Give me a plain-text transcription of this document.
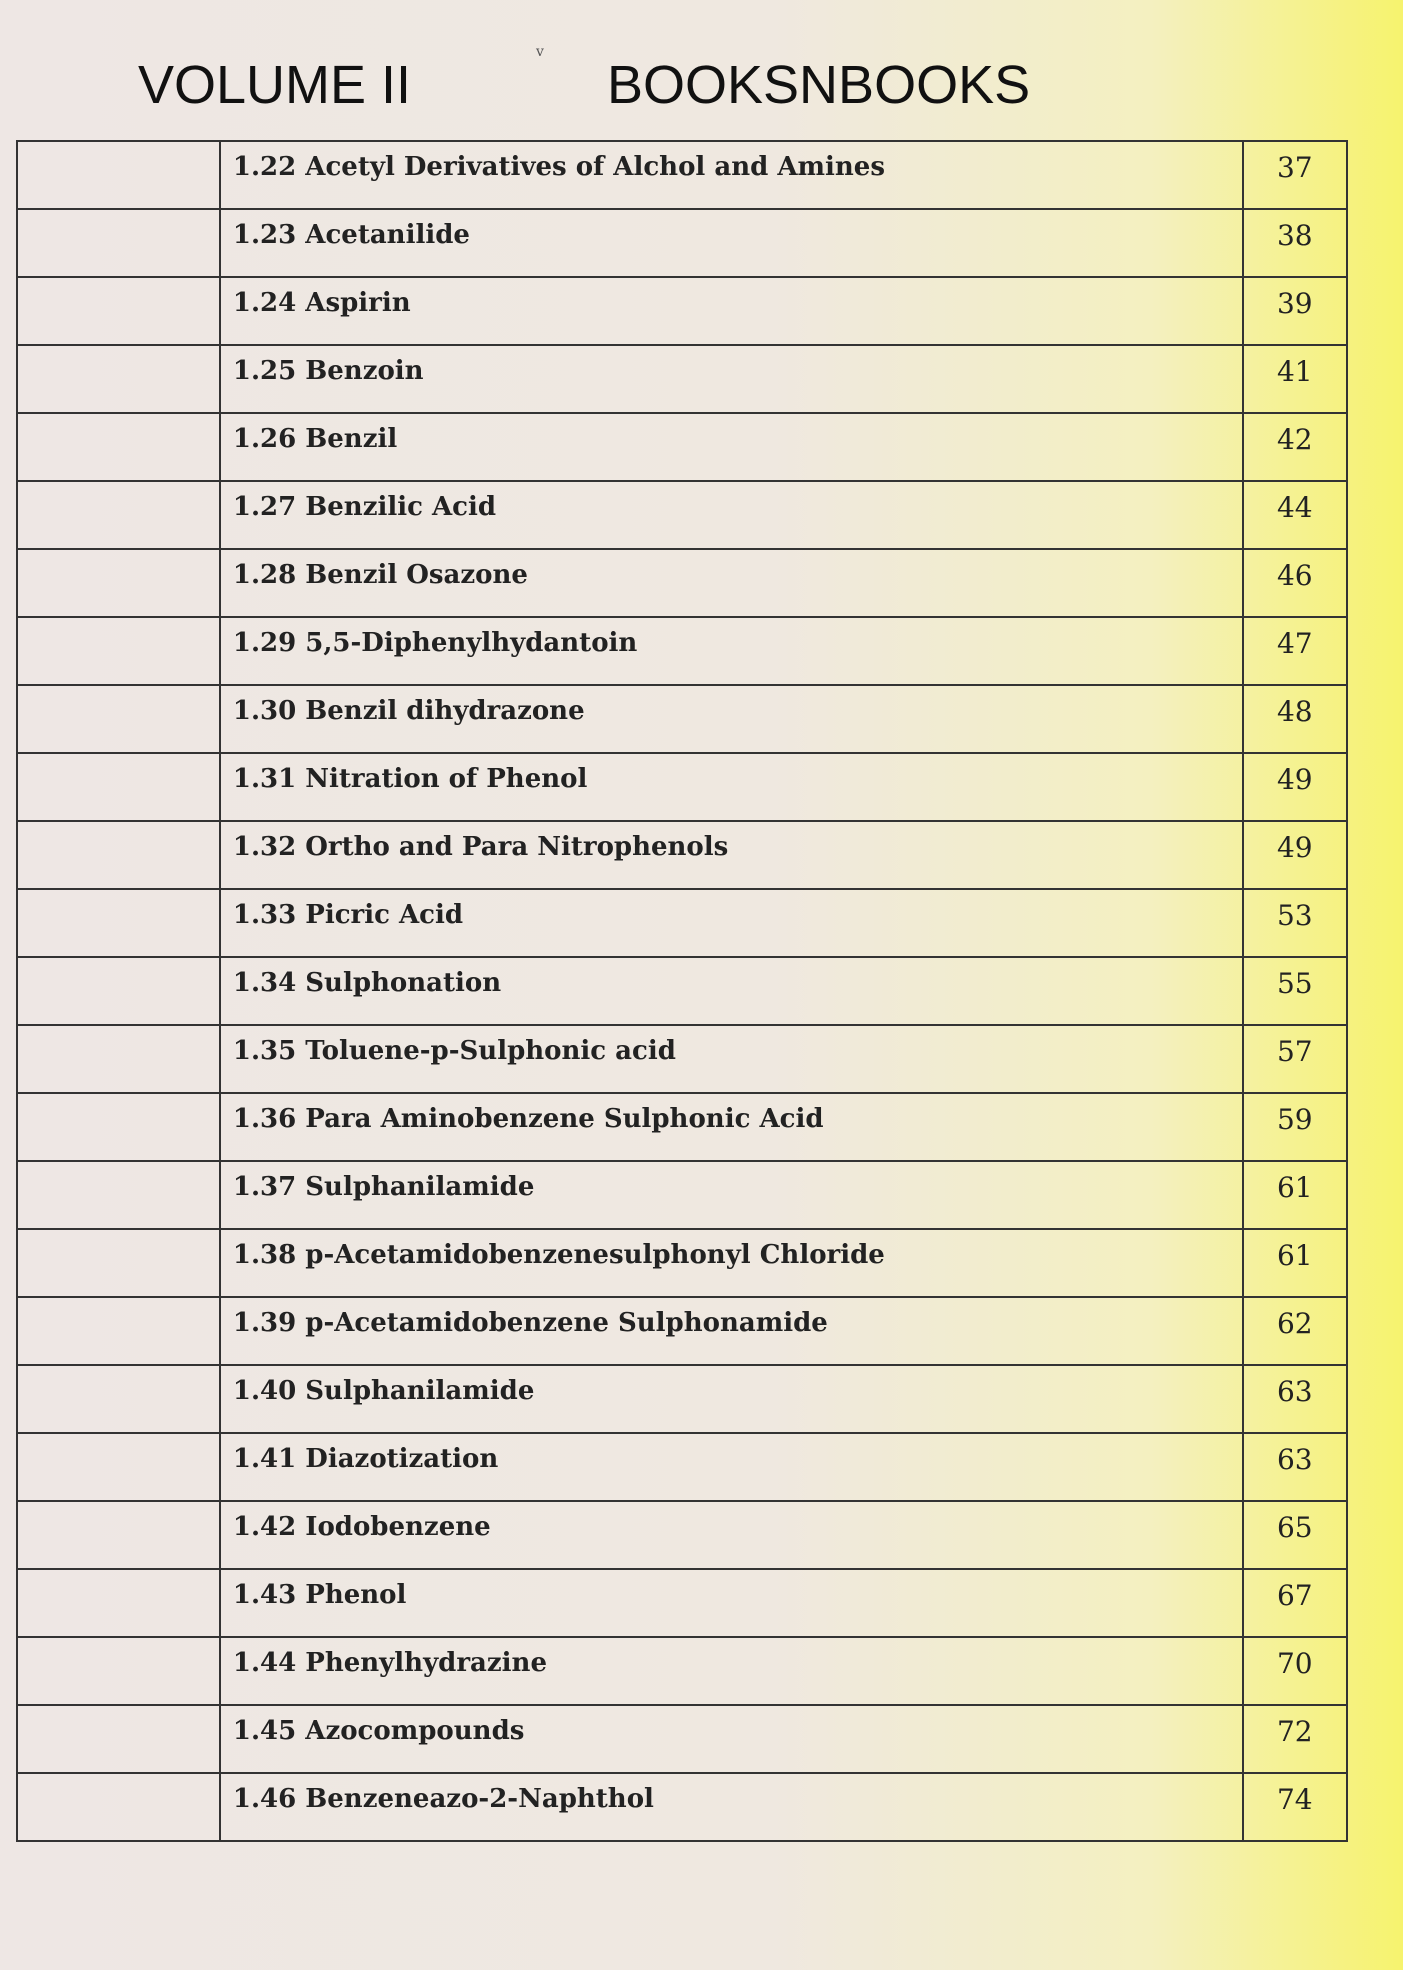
v
VOLUME II	BOOKSNBOOKS

	1.22 Acetyl Derivatives of Alchol and Amines	37

	1.23 Acetanilide	38

	1.24 Aspirin	39

	1.25 Benzoin	41

	1.26 Benzil	42

	1.27 Benzilic Acid	44

	1.28 Benzil Osazone	46

	1.29 5,5-Diphenylhydantoin	47

	1.30 Benzil dihydrazone	48

	1.31 Nitration of Phenol	49

	1.32 Ortho and Para Nitrophenols	49

	1.33 Picric Acid	53

	1.34 Sulphonation	55

	1.35 Toluene-p-Sulphonic acid	57

	1.36 Para Aminobenzene Sulphonic Acid	59

	1.37 Sulphanilamide	61

	1.38 p-Acetamidobenzenesulphonyl Chloride	61

	1.39 p-Acetamidobenzene Sulphonamide	62

	1.40 Sulphanilamide	63

	1.41 Diazotization	63

	1.42 Iodobenzene	65

	1.43 Phenol	67

	1.44 Phenylhydrazine	70

	1.45 Azocompounds	72

	1.46 Benzeneazo-2-Naphthol	74
